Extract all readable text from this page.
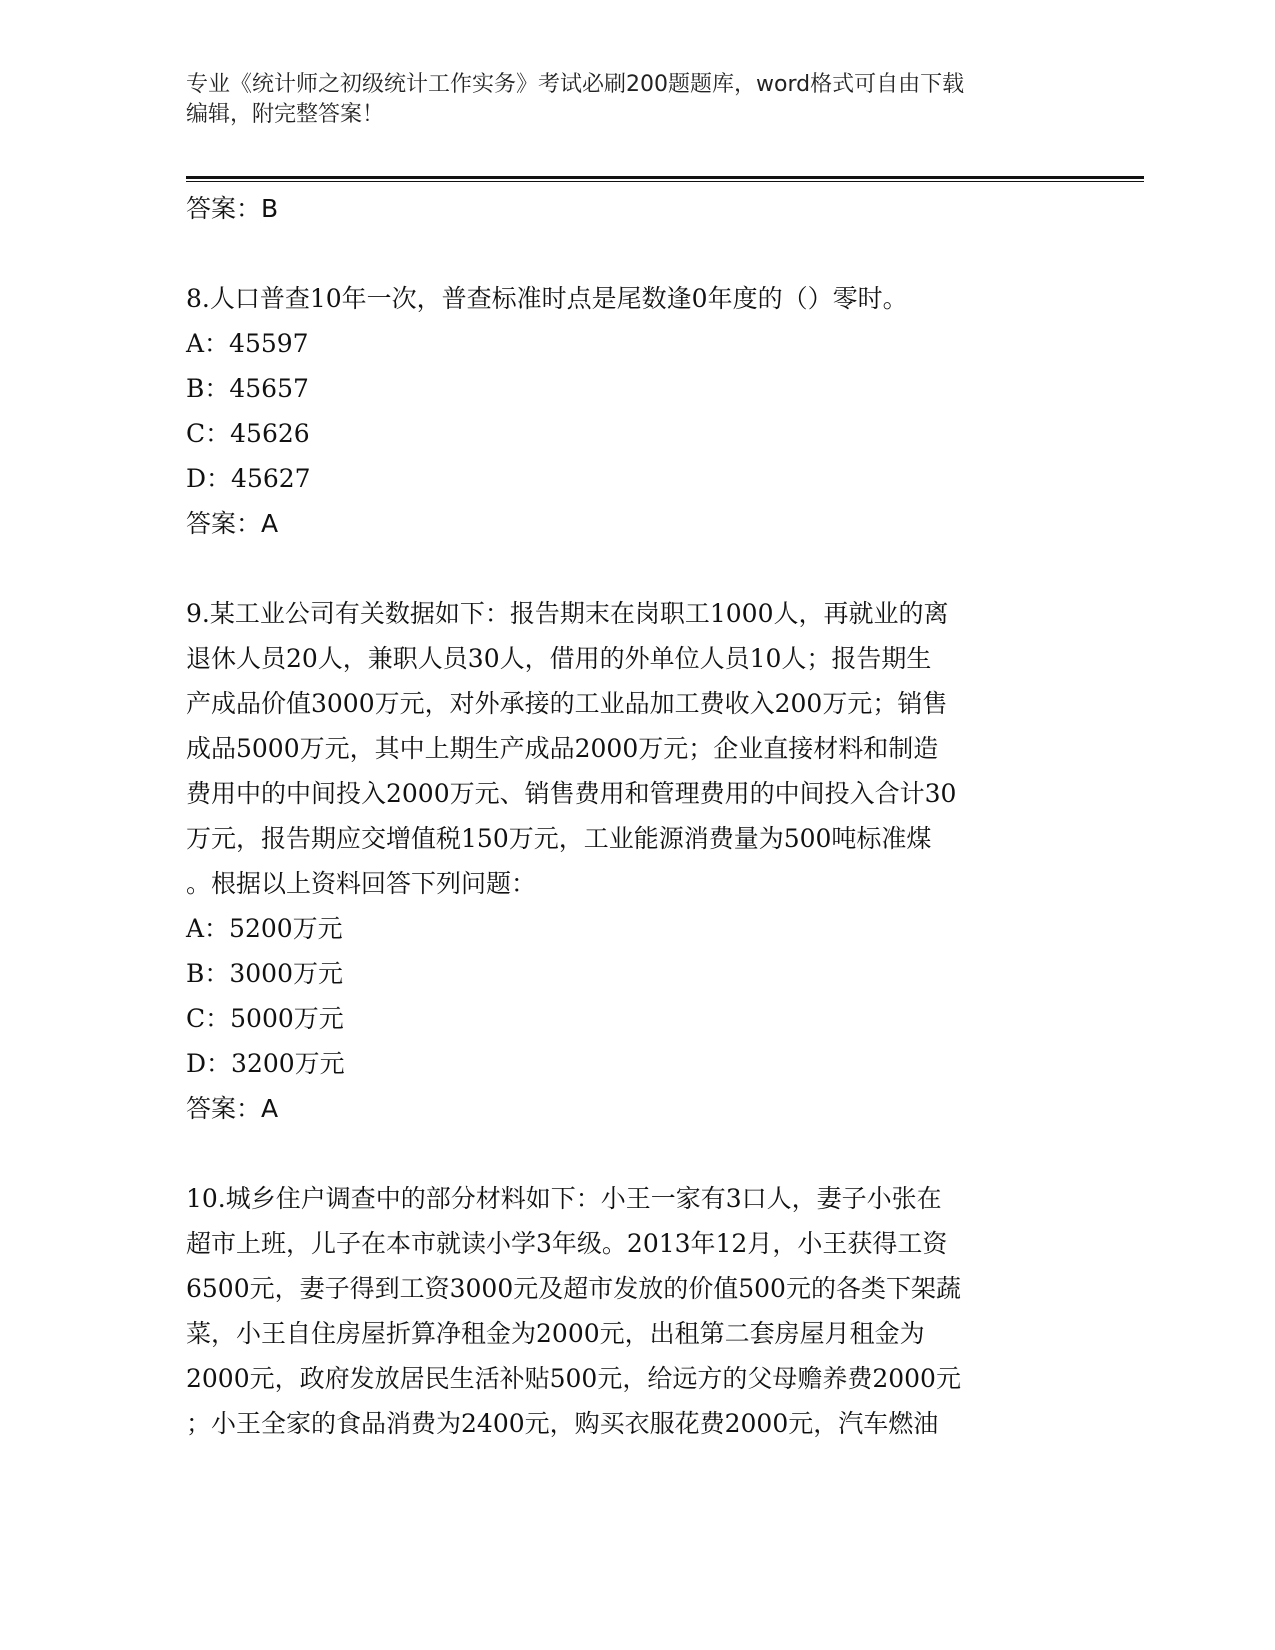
专业《统计师之初级统计工作实务》考试必刷200题题库，word格式可自由下载
编辑，附完整答案！
答案：B
8.人口普查10年一次，普查标准时点是尾数逢0年度的（）零时。
A：45597
B：45657
C：45626
D：45627
答案：A
9.某工业公司有关数据如下：报告期末在岗职工1000人，再就业的离
退休人员20人，兼职人员30人，借用的外单位人员10人；报告期生
产成品价值3000万元，对外承接的工业品加工费收入200万元；销售
成品5000万元，其中上期生产成品2000万元；企业直接材料和制造
费用中的中间投入2000万元、销售费用和管理费用的中间投入合计30
万元，报告期应交增值税150万元，工业能源消费量为500吨标准煤
。根据以上资料回答下列问题：
A：5200万元
B：3000万元
C：5000万元
D：3200万元
答案：A
10.城乡住户调查中的部分材料如下：小王一家有3口人，妻子小张在
超市上班，儿子在本市就读小学3年级。2013年12月，小王获得工资
6500元，妻子得到工资3000元及超市发放的价值500元的各类下架蔬
菜，小王自住房屋折算净租金为2000元，出租第二套房屋月租金为
2000元，政府发放居民生活补贴500元，给远方的父母赡养费2000元
；小王全家的食品消费为2400元，购买衣服花费2000元，汽车燃油
